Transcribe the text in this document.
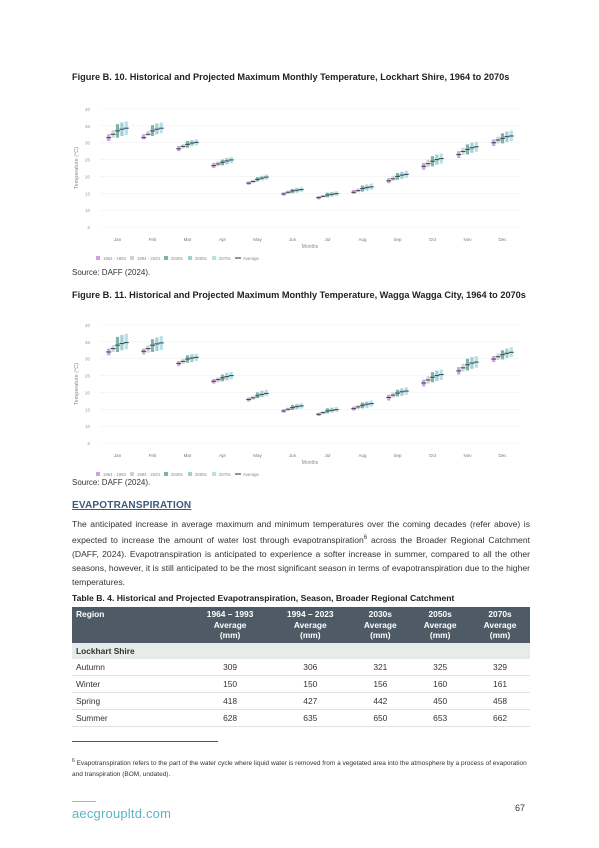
Figure B. 10. Historical and Projected Maximum Monthly Temperature, Lockhart Shire, 1964 to 2070s
5
10
15
20
25
30
35
40
Temperature (°C)
Jan	Feb	Mar	Apr	May	Jun	Jul	Aug	Sep	Oct	Nov	Dec
Months
1964 - 1993	1994 - 2023	2030s	2050s	2070s	Average
Source: DAFF (2024).
Figure B. 11. Historical and Projected Maximum Monthly Temperature, Wagga Wagga City, 1964 to 2070s
5
10
15
20
25
30
35
40
Temperature (°C)
Jan	Feb	Mar	Apr	May	Jun	Jul	Aug	Sep	Oct	Nov	Dec
Months
1964 - 1993	1994 - 2023	2030s	2050s	2070s	Average
Source: DAFF (2024).
EVAPOTRANSPIRATION
The anticipated increase in average maximum and minimum temperatures over the coming decades (refer above) is expected to increase the amount of water lost through evapotranspiration$^6$ across the Broader Regional Catchment (DAFF, 2024). Evapotranspiration is anticipated to experience a softer increase in summer, compared to all the other seasons, however, it is still anticipated to be the most significant season in terms of evapotranspiration due to the higher temperatures.
Table B. 4. Historical and Projected Evapotranspiration, Season, Broader Regional Catchment
Region	1964 – 1993
Average
(mm)	1994 – 2023
Average
(mm)	2030s
Average
(mm)	2050s
Average
(mm)	2070s
Average
(mm)
Lockhart Shire					
Autumn	309	306	321	325	329
Winter	150	150	156	160	161
Spring	418	427	442	450	458
Summer	628	635	650	653	662
$^6$ Evapotranspiration refers to the part of the water cycle where liquid water is removed from a vegetated area into the atmosphere by a process of evaporation and transpiration (BOM, undated).
aecgroupltd.com	67
